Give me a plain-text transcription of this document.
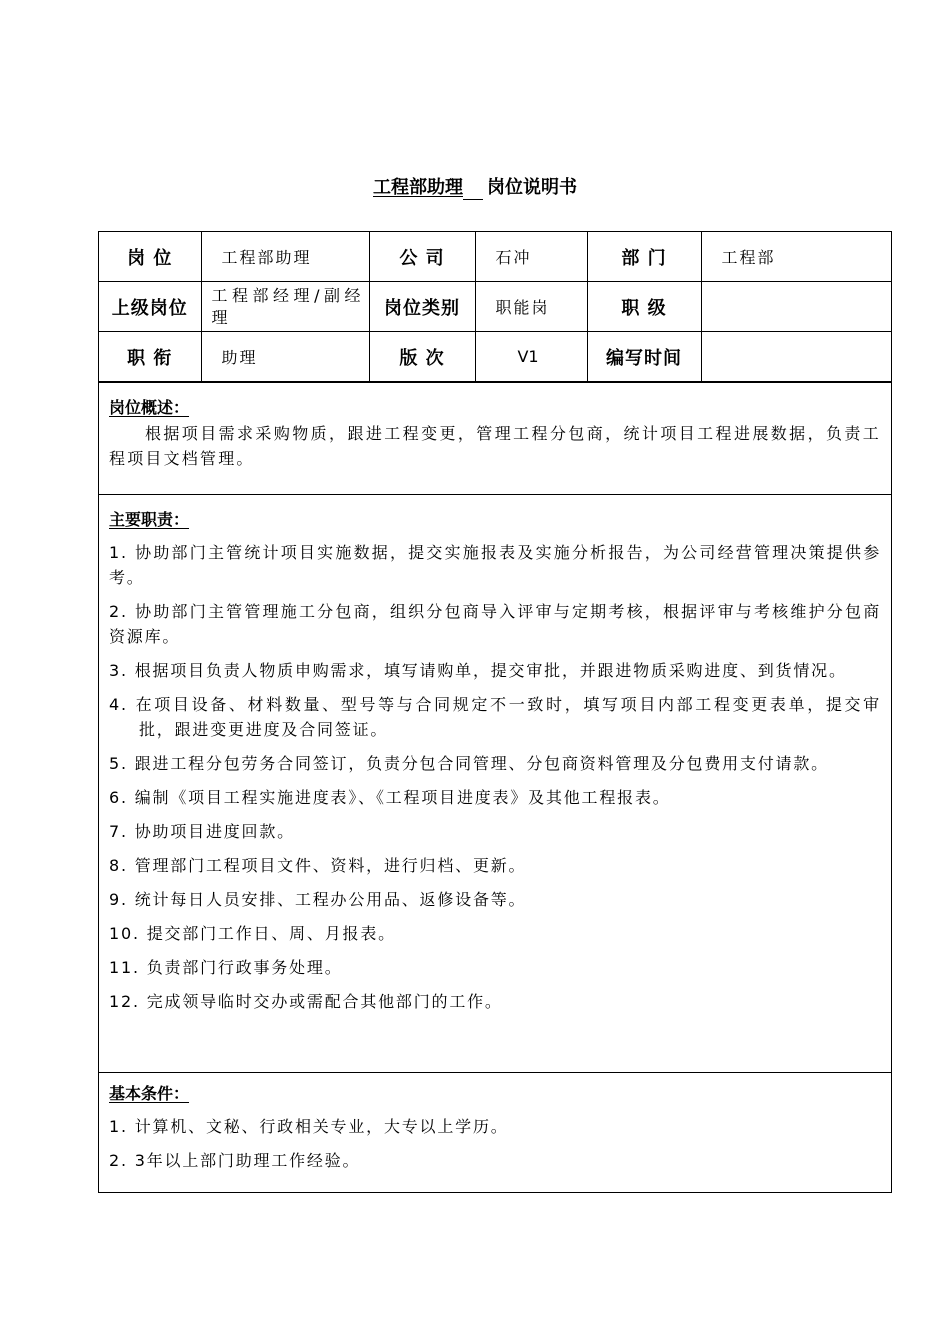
工程部助理 岗位说明书
岗 位	工程部助理	公 司	石冲	部 门	工程部
上级岗位	工程部经理/副经理	岗位类别	职能岗	职 级	
职 衔	助理	版 次	V1	编写时间	
岗位概述：
根据项目需求采购物质，跟进工程变更，管理工程分包商，统计项目工程进展数据，负责工程项目文档管理。
主要职责：
1. 协助部门主管统计项目实施数据，提交实施报表及实施分析报告，为公司经营管理决策提供参考。
2. 协助部门主管管理施工分包商，组织分包商导入评审与定期考核，根据评审与考核维护分包商资源库。
3. 根据项目负责人物质申购需求，填写请购单，提交审批，并跟进物质采购进度、到货情况。
4. 在项目设备、材料数量、型号等与合同规定不一致时，填写项目内部工程变更表单，提交审批，跟进变更进度及合同签证。
5. 跟进工程分包劳务合同签订，负责分包合同管理、分包商资料管理及分包费用支付请款。
6. 编制《项目工程实施进度表》、《工程项目进度表》及其他工程报表。
7. 协助项目进度回款。
8. 管理部门工程项目文件、资料，进行归档、更新。
9. 统计每日人员安排、工程办公用品、返修设备等。
10. 提交部门工作日、周、月报表。
11. 负责部门行政事务处理。
12. 完成领导临时交办或需配合其他部门的工作。
基本条件：
1. 计算机、文秘、行政相关专业，大专以上学历。
2. 3年以上部门助理工作经验。
